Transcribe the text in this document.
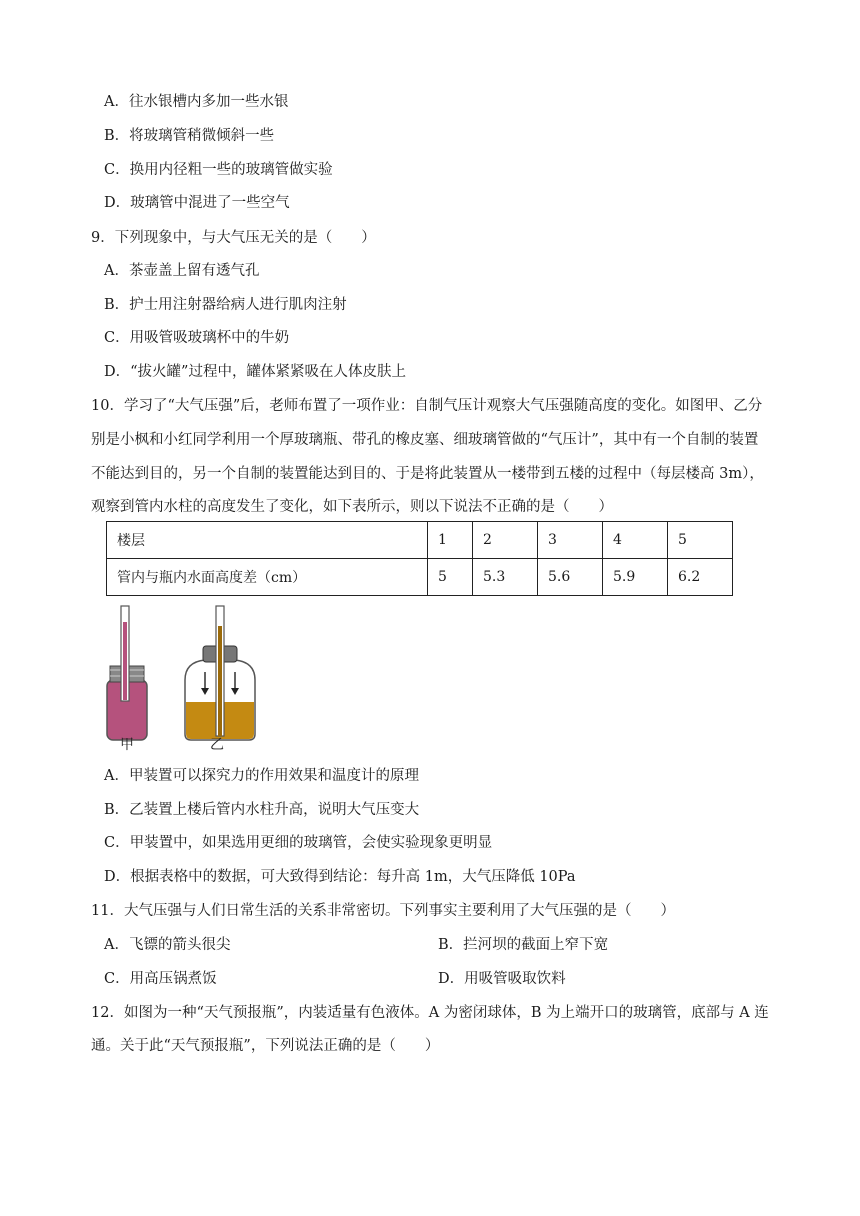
A．往水银槽内多加一些水银
B．将玻璃管稍微倾斜一些
C．换用内径粗一些的玻璃管做实验
D．玻璃管中混进了一些空气
9．下列现象中，与大气压无关的是（　　）
A．茶壶盖上留有透气孔
B．护士用注射器给病人进行肌肉注射
C．用吸管吸玻璃杯中的牛奶
D．“拔火罐”过程中，罐体紧紧吸在人体皮肤上
10．学习了“大气压强”后，老师布置了一项作业：自制气压计观察大气压强随高度的变化。如图甲、乙分
别是小枫和小红同学利用一个厚玻璃瓶、带孔的橡皮塞、细玻璃管做的“气压计”，其中有一个自制的装置
不能达到目的，另一个自制的装置能达到目的、于是将此装置从一楼带到五楼的过程中（每层楼高 3m），
观察到管内水柱的高度发生了变化，如下表所示，则以下说法不正确的是（　　）
楼层	1	2	3	4	5
管内与瓶内水面高度差（cm）	5	5.3	5.6	5.9	6.2
甲	乙
A．甲装置可以探究力的作用效果和温度计的原理
B．乙装置上楼后管内水柱升高，说明大气压变大
C．甲装置中，如果选用更细的玻璃管，会使实验现象更明显
D．根据表格中的数据，可大致得到结论：每升高 1m，大气压降低 10Pa
11．大气压强与人们日常生活的关系非常密切。下列事实主要利用了大气压强的是（　　）
A．飞镖的箭头很尖	B．拦河坝的截面上窄下宽
C．用高压锅煮饭	D．用吸管吸取饮料
12．如图为一种“天气预报瓶”，内装适量有色液体。A 为密闭球体，B 为上端开口的玻璃管，底部与 A 连
通。关于此“天气预报瓶”，下列说法正确的是（　　）
